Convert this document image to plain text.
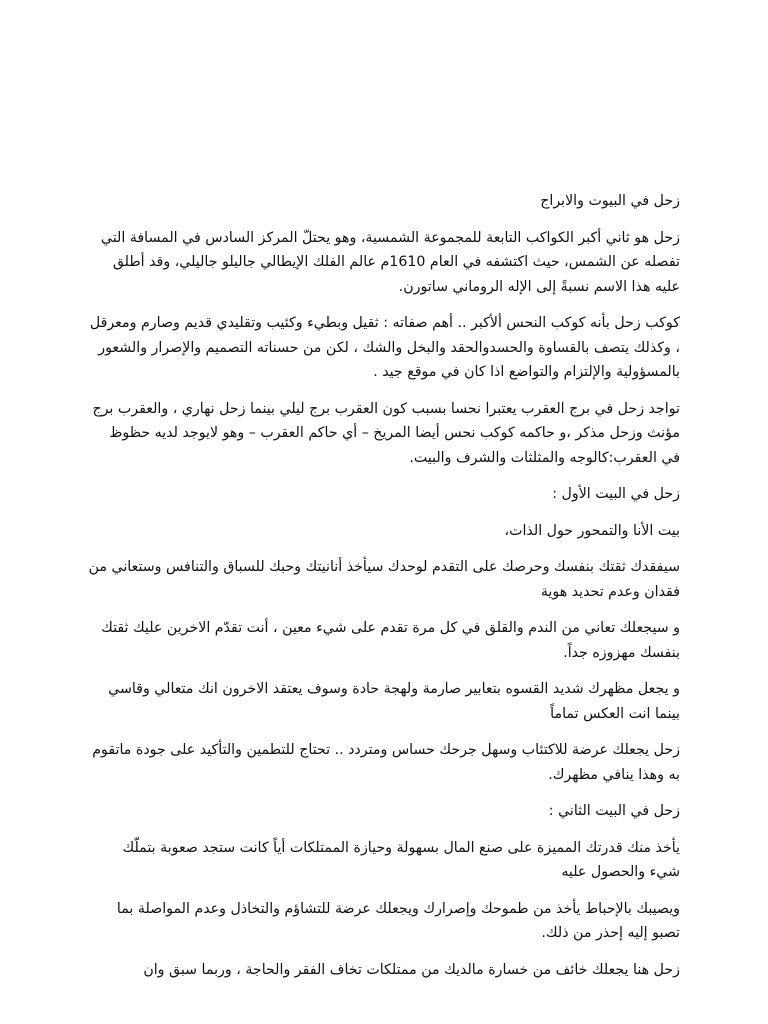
زحل في البيوت والابراج

زحل هو ثاني أكبر الكواكب التابعة للمجموعة الشمسية، وهو يحتلّ المركز السادس في المسافة التي تفصله عن الشمس، حيث اكتشفه في العام 1610م عالم الفلك الإيطالي جاليلو جاليلي، وقد أطلق عليه هذا الاسم نسبةً إلى الإله الروماني ساتورن.

كوكب زحل بأنه كوكب النحس ألأكبر .. أهم صفاته : ثقيل وبطيء وكئيب وتقليدي قديم وصارم ومعرقل ، وكذلك يتصف بالقساوة والحسدوالحقد والبخل والشك ، لكن من حسناته التصميم والإصرار والشعور بالمسؤولية والإلتزام والتواضع اذا كان في موقع جيد .

تواجد زحل في برج العقرب يعتبرا نحسا بسبب كون العقرب برج ليلي بينما زحل نهاري ، والعقرب برج مؤنث وزحل مذكر ،و حاكمه كوكب نحس أيضا المريخ – أي حاكم العقرب – وهو لايوجد لديه حظوظ في العقرب:كالوجه والمثلثات والشرف والبيت.

زحل في البيت الأول :

بيت الأنا والتمحور حول الذات،

سيفقدك ثقتك بنفسك وحرصك على التقدم لوحدك سيأخذ أنانيتك وحبك للسباق والتنافس وستعاني من فقدان وعدم تحديد هوية

و سيجعلك تعاني من الندم والقلق في كل مرة تقدم على شيء معين ، أنت تقدّم الاخرين عليك ثقتك بنفسك مهزوزه جداً.

و يجعل مظهرك شديد القسوه بتعابير صارمة ولهجة حادة وسوف يعتقد الاخرون انك متعالي وقاسي بينما انت العكس تماماً

زحل يجعلك عرضة للاكتئاب وسهل جرحك حساس ومتردد .. تحتاج للتطمين والتأكيد على جودة ماتقوم به وهذا ينافي مظهرك.

زحل في البيت الثاني :

يأخذ منك قدرتك المميزة على صنع المال بسهولة وحيازة الممتلكات أياً كانت ستجد صعوبة بتملّك شيء والحصول عليه

ويصيبك بالإحباط يأخذ من طموحك وإصرارك ويجعلك عرضة للتشاؤم والتخاذل وعدم المواصلة بما تصبو إليه إحذر من ذلك.

زحل هنا يجعلك خائف من خسارة مالديك من ممتلكات تخاف الفقر والحاجة ، وربما سبق وان
